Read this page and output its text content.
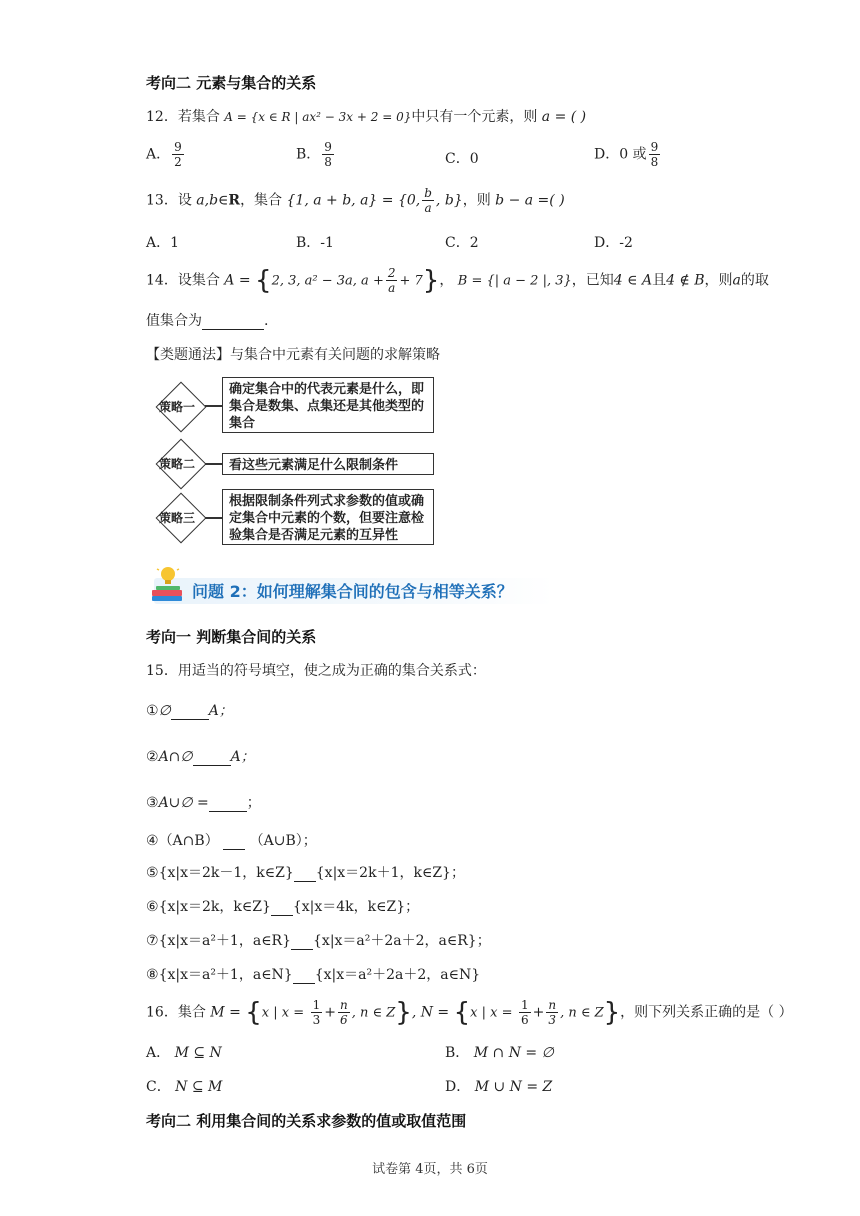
考向二 元素与集合的关系
12．若集合 A = {x ∈ R | ax² − 3x + 2 = 0}中只有一个元素，则 a = ( )
A． $\frac{9}{2}$	B． $\frac{9}{8}$	C．0	D．0 或 $\frac{9}{8}$
13．设 a,b∈R，集合 {1, a + b, a} = {0, $\frac{b}{a}$ , b}，则 b − a =( )
A．1	B．-1	C．2	D．-2
14．设集合 A = {2, 3, a² − 3a, $a + \frac{2}{a} + 7$}， B = {| a − 2 |, 3}，已知4 ∈ A且4 ∉ B，则a的取
值集合为	.
【类题通法】与集合中元素有关问题的求解策略
策略一
确定集合中的代表元素是什么，即集合是数集、点集还是其他类型的集合
策略二	看这些元素满足什么限制条件
策略三
根据限制条件列式求参数的值或确定集合中元素的个数，但要注意检验集合是否满足元素的互异性
问题 2：如何理解集合间的包含与相等关系？
考向一 判断集合间的关系
15．用适当的符号填空，使之成为正确的集合关系式：
①∅	A；
②A∩∅	A；
③A∪∅ =	；
④（A∩B） （A∪B）；
⑤{x|x＝2k－1，k∈Z} {x|x＝2k＋1，k∈Z}；
⑥{x|x＝2k，k∈Z} {x|x＝4k，k∈Z}；
⑦{x|x＝a²＋1，a∈R} {x|x＝a²＋2a＋2，a∈R}；
⑧{x|x＝a²＋1，a∈N} {x|x＝a²＋2a＋2，a∈N}
16．集合 M = {x | $x = \frac{1}{3} + \frac{n}{6}$ , n ∈ Z}, N = {x | $x = \frac{1}{6} + \frac{n}{3}$ , n ∈ Z}，则下列关系正确的是（ ）
A． M ⊆ N	B． M ∩ N = ∅
C． N ⊆ M	D． M ∪ N = Z
考向二 利用集合间的关系求参数的值或取值范围
试卷第 4页，共 6页
